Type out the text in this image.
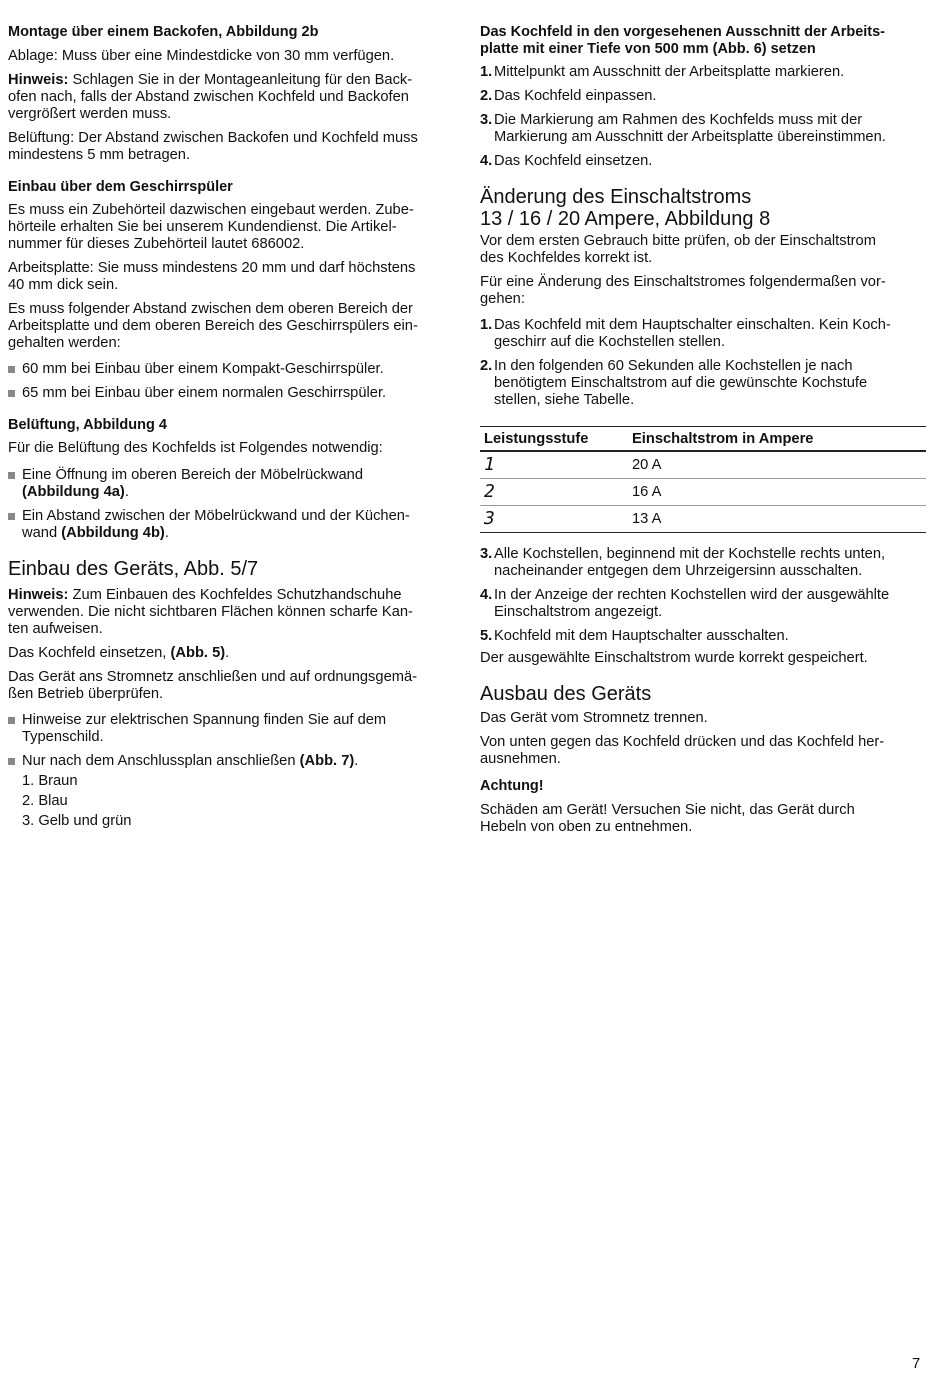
Montage über einem Backofen, Abbildung 2b
Ablage: Muss über eine Mindestdicke von 30 mm verfügen.
Hinweis: Schlagen Sie in der Montageanleitung für den Back-
ofen nach, falls der Abstand zwischen Kochfeld und Backofen
vergrößert werden muss.
Belüftung: Der Abstand zwischen Backofen und Kochfeld muss
mindestens 5 mm betragen.
Einbau über dem Geschirrspüler
Es muss ein Zubehörteil dazwischen eingebaut werden. Zube-
hörteile erhalten Sie bei unserem Kundendienst. Die Artikel-
nummer für dieses Zubehörteil lautet 686002.
Arbeitsplatte: Sie muss mindestens 20 mm und darf höchstens
40 mm dick sein.
Es muss folgender Abstand zwischen dem oberen Bereich der
Arbeitsplatte und dem oberen Bereich des Geschirrspülers ein-
gehalten werden:
60 mm bei Einbau über einem Kompakt-Geschirrspüler.
65 mm bei Einbau über einem normalen Geschirrspüler.
Belüftung, Abbildung 4
Für die Belüftung des Kochfelds ist Folgendes notwendig:
Eine Öffnung im oberen Bereich der Möbelrückwand
(Abbildung 4a).
Ein Abstand zwischen der Möbelrückwand und der Küchen-
wand (Abbildung 4b).
Einbau des Geräts, Abb. 5/7
Hinweis: Zum Einbauen des Kochfeldes Schutzhandschuhe
verwenden. Die nicht sichtbaren Flächen können scharfe Kan-
ten aufweisen.
Das Kochfeld einsetzen, (Abb. 5).
Das Gerät ans Stromnetz anschließen und auf ordnungsgemä-
ßen Betrieb überprüfen.
Hinweise zur elektrischen Spannung finden Sie auf dem
Typenschild.
Nur nach dem Anschlussplan anschließen (Abb. 7).
1. Braun
2. Blau
3. Gelb und grün
Das Kochfeld in den vorgesehenen Ausschnitt der Arbeits-
platte mit einer Tiefe von 500 mm (Abb. 6) setzen
1. Mittelpunkt am Ausschnitt der Arbeitsplatte markieren.
2. Das Kochfeld einpassen.
3. Die Markierung am Rahmen des Kochfelds muss mit der
Markierung am Ausschnitt der Arbeitsplatte übereinstimmen.
4. Das Kochfeld einsetzen.
Änderung des Einschaltstroms
13 / 16 / 20 Ampere, Abbildung 8
Vor dem ersten Gebrauch bitte prüfen, ob der Einschaltstrom
des Kochfeldes korrekt ist.
Für eine Änderung des Einschaltstromes folgendermaßen vor-
gehen:
1. Das Kochfeld mit dem Hauptschalter einschalten. Kein Koch-
geschirr auf die Kochstellen stellen.
2. In den folgenden 60 Sekunden alle Kochstellen je nach
benötigtem Einschaltstrom auf die gewünschte Kochstufe
stellen, siehe Tabelle.
Leistungsstufe	Einschaltstrom in Ampere
1	20 A
2	16 A
3	13 A
3. Alle Kochstellen, beginnend mit der Kochstelle rechts unten,
nacheinander entgegen dem Uhrzeigersinn ausschalten.
4. In der Anzeige der rechten Kochstellen wird der ausgewählte
Einschaltstrom angezeigt.
5. Kochfeld mit dem Hauptschalter ausschalten.
Der ausgewählte Einschaltstrom wurde korrekt gespeichert.
Ausbau des Geräts
Das Gerät vom Stromnetz trennen.
Von unten gegen das Kochfeld drücken und das Kochfeld her-
ausnehmen.
Achtung!
Schäden am Gerät! Versuchen Sie nicht, das Gerät durch
Hebeln von oben zu entnehmen.
7
